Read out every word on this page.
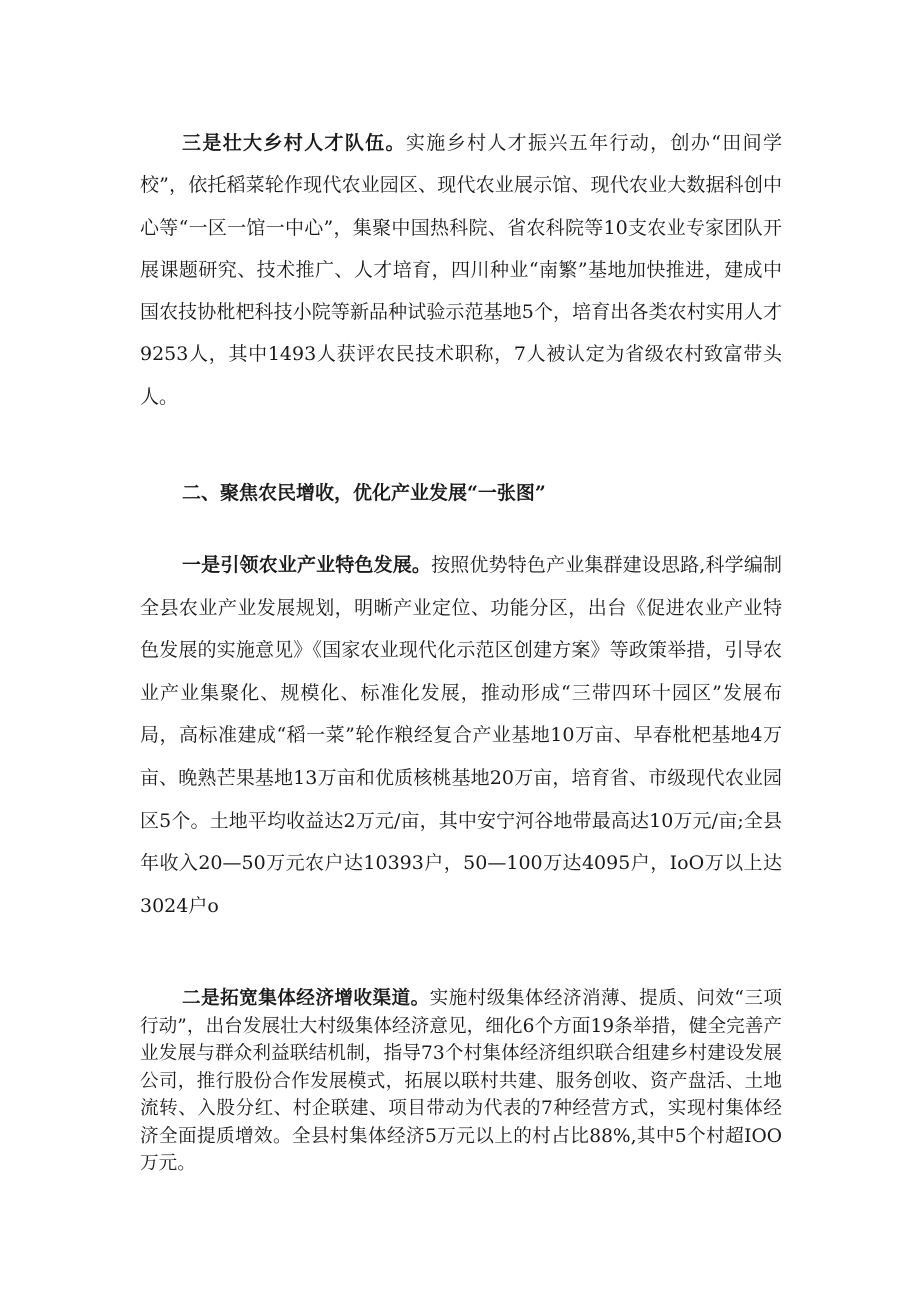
三是壮大乡村人才队伍。实施乡村人才振兴五年行动，创办“田间学校”，依托稻菜轮作现代农业园区、现代农业展示馆、现代农业大数据科创中心等“一区一馆一中心”，集聚中国热科院、省农科院等10支农业专家团队开展课题研究、技术推广、人才培育，四川种业“南繁”基地加快推进，建成中国农技协枇杷科技小院等新品种试验示范基地5个，培育出各类农村实用人才9253人，其中1493人获评农民技术职称，7人被认定为省级农村致富带头人。

二、聚焦农民增收，优化产业发展“一张图”

一是引领农业产业特色发展。按照优势特色产业集群建设思路,科学编制全县农业产业发展规划，明晰产业定位、功能分区，出台《促进农业产业特色发展的实施意见》《国家农业现代化示范区创建方案》等政策举措，引导农业产业集聚化、规模化、标准化发展，推动形成“三带四环十园区”发展布局，高标准建成“稻一菜”轮作粮经复合产业基地10万亩、早春枇杷基地4万亩、晚熟芒果基地13万亩和优质核桃基地20万亩，培育省、市级现代农业园区5个。土地平均收益达2万元/亩，其中安宁河谷地带最高达10万元/亩;全县年收入20—50万元农户达10393户，50—100万达4095户，IoO万以上达3024户o

二是拓宽集体经济增收渠道。实施村级集体经济消薄、提质、问效“三项行动”，出台发展壮大村级集体经济意见，细化6个方面19条举措，健全完善产业发展与群众利益联结机制，指导73个村集体经济组织联合组建乡村建设发展公司，推行股份合作发展模式，拓展以联村共建、服务创收、资产盘活、土地流转、入股分红、村企联建、项目带动为代表的7种经营方式，实现村集体经济全面提质增效。全县村集体经济5万元以上的村占比88%,其中5个村超IOO万元。
